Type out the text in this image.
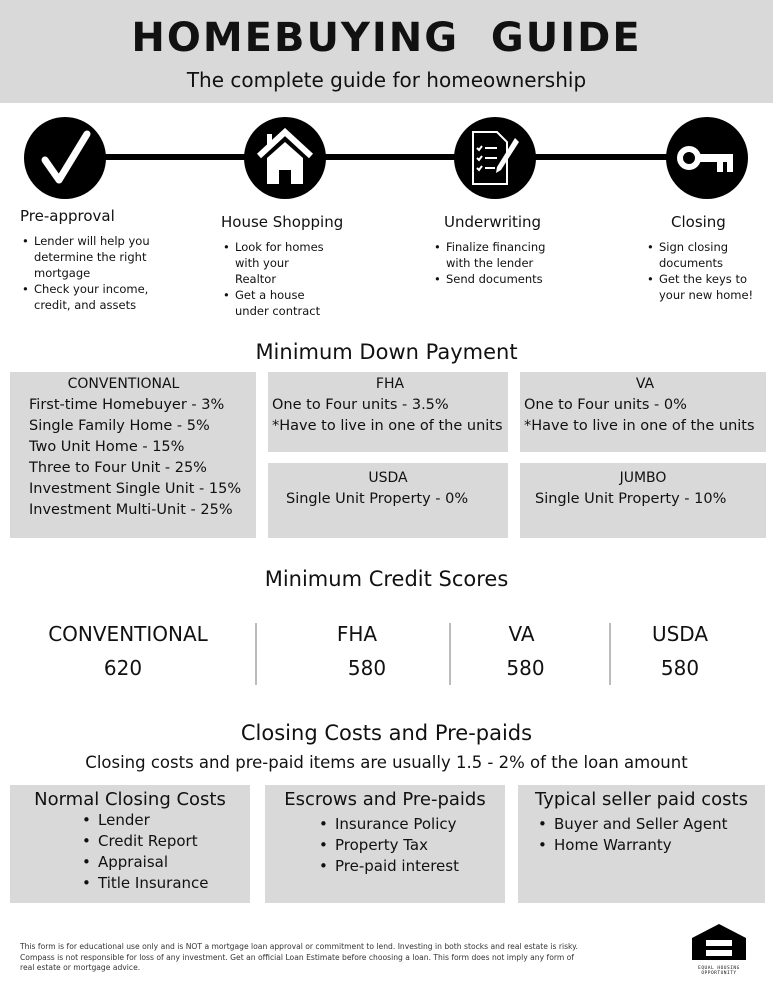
HOMEBUYING  GUIDE
The complete guide for homeownership
Pre-approval
• Lender will help you determine the right mortgage
• Check your income, credit, and assets
House Shopping
• Look for homes with your Realtor
• Get a house under contract
Underwriting
• Finalize financing with the lender
• Send documents
Closing
• Sign closing documents
• Get the keys to your new home!
Minimum Down Payment
CONVENTIONAL
First-time Homebuyer - 3%
Single Family Home - 5%
Two Unit Home - 15%
Three to Four Unit - 25%
Investment Single Unit - 15%
Investment Multi-Unit - 25%
FHA
One to Four units - 3.5%
*Have to live in one of the units
VA
One to Four units - 0%
*Have to live in one of the units
USDA
Single Unit Property - 0%
JUMBO
Single Unit Property - 10%
Minimum Credit Scores
CONVENTIONAL
620
FHA
580
VA
580
USDA
580
Closing Costs and Pre-paids
Closing costs and pre-paid items are usually 1.5 - 2% of the loan amount
Normal Closing Costs
• Lender
• Credit Report
• Appraisal
• Title Insurance
Escrows and Pre-paids
• Insurance Policy
• Property Tax
• Pre-paid interest
Typical seller paid costs
• Buyer and Seller Agent
• Home Warranty
This form is for educational use only and is NOT a mortgage loan approval or commitment to lend. Investing in both stocks and real estate is risky. Compass is not responsible for loss of any investment. Get an official Loan Estimate before choosing a loan. This form does not imply any form of real estate or mortgage advice.	EQUAL HOUSING
OPPORTUNITY
